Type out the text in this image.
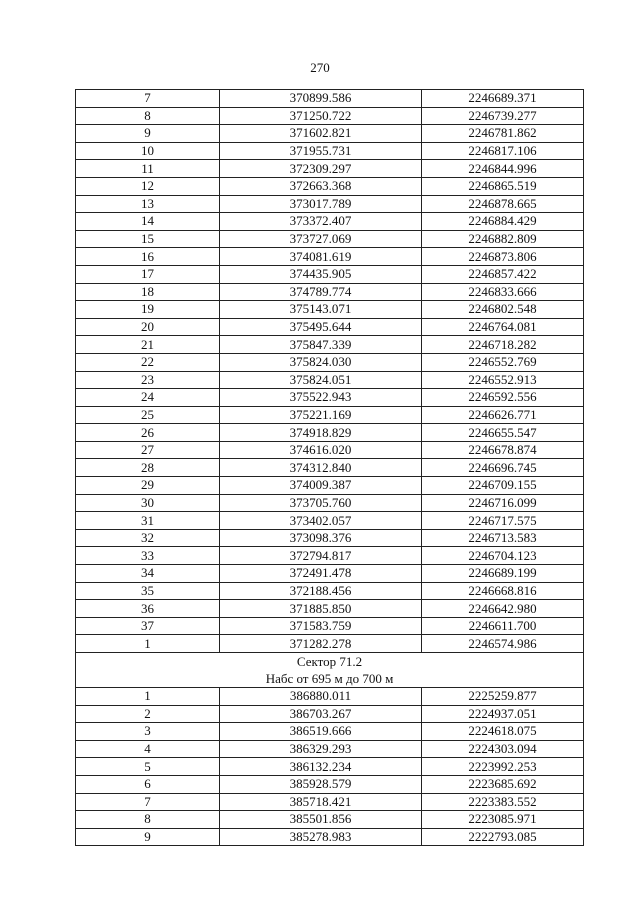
270
7	370899.586	2246689.371
8	371250.722	2246739.277
9	371602.821	2246781.862
10	371955.731	2246817.106
11	372309.297	2246844.996
12	372663.368	2246865.519
13	373017.789	2246878.665
14	373372.407	2246884.429
15	373727.069	2246882.809
16	374081.619	2246873.806
17	374435.905	2246857.422
18	374789.774	2246833.666
19	375143.071	2246802.548
20	375495.644	2246764.081
21	375847.339	2246718.282
22	375824.030	2246552.769
23	375824.051	2246552.913
24	375522.943	2246592.556
25	375221.169	2246626.771
26	374918.829	2246655.547
27	374616.020	2246678.874
28	374312.840	2246696.745
29	374009.387	2246709.155
30	373705.760	2246716.099
31	373402.057	2246717.575
32	373098.376	2246713.583
33	372794.817	2246704.123
34	372491.478	2246689.199
35	372188.456	2246668.816
36	371885.850	2246642.980
37	371583.759	2246611.700
1	371282.278	2246574.986
Сектор 71.2		
Набс от 695 м до 700 м		
1	386880.011	2225259.877
2	386703.267	2224937.051
3	386519.666	2224618.075
4	386329.293	2224303.094
5	386132.234	2223992.253
6	385928.579	2223685.692
7	385718.421	2223383.552
8	385501.856	2223085.971
9	385278.983	2222793.085
